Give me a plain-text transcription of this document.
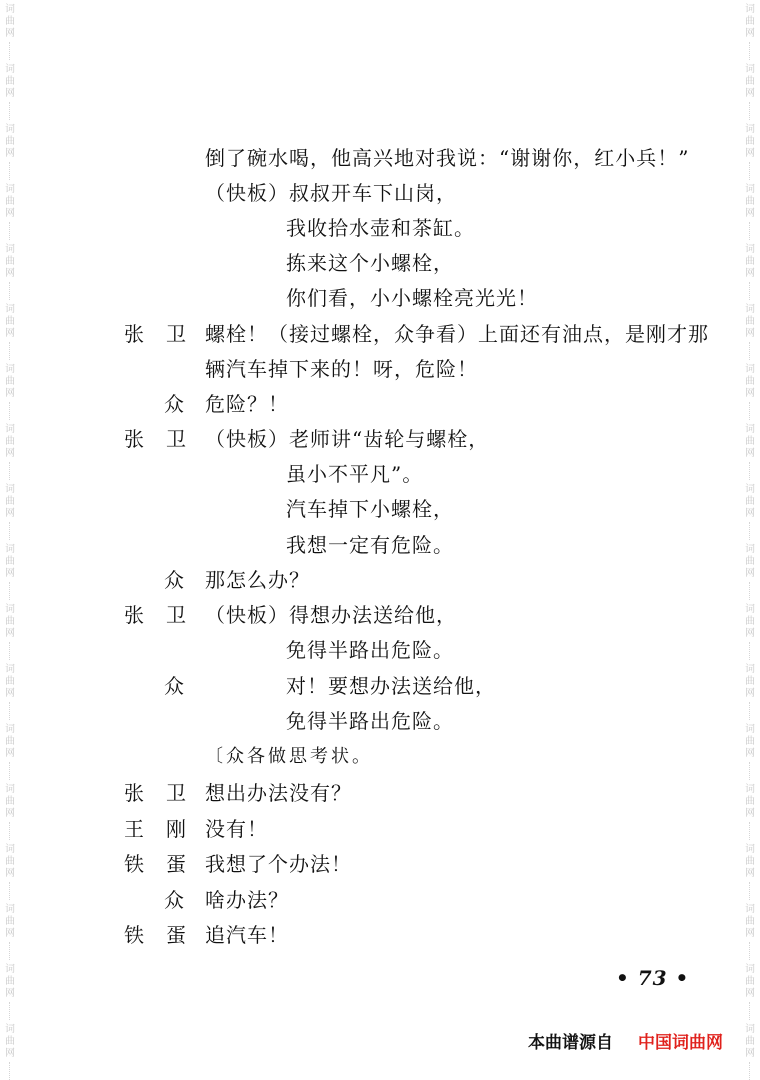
词
曲
网
词
曲
网
词
曲
网
词
曲
网
词
曲
网
词
曲
网
词
曲
网
词
曲
网
词
曲
网
词
曲
网
词
曲
网
词
曲
网
词
曲
网
词
曲
网
词
曲
网
词
曲
网
词
曲
网
词
曲
网
词
曲
网
词
曲
网
词
曲
网
词
曲
网
词
曲
网
词
曲
网
词
曲
网
词
曲
网
词
曲
网
词
曲
网
词
曲
网
词
曲
网
词
曲
网
词
曲
网
词
曲
网
词
曲
网
词
曲
网
词
曲
网
倒了碗水喝，他高兴地对我说：“谢谢你，红小兵！”
（快板）叔叔开车下山岗，
我收拾水壶和茶缸。
拣来这个小螺栓，
你们看，小小螺栓亮光光！
张　卫 螺栓！（接过螺栓，众争看）上面还有油点，是刚才那
辆汽车掉下来的！呀，危险！
众 危险？！
张　卫 （快板）老师讲“齿轮与螺栓，
虽小不平凡”。
汽车掉下小螺栓，
我想一定有危险。
众 那怎么办？
张　卫 （快板）得想办法送给他，
免得半路出危险。
众	对！要想办法送给他，
免得半路出危险。
〔众各做思考状。
张　卫 想出办法没有？
王　刚 没有！
铁　蛋 我想了个办法！
众 啥办法？
铁　蛋 追汽车！
• 73 •
本曲谱源自 中国词曲网
